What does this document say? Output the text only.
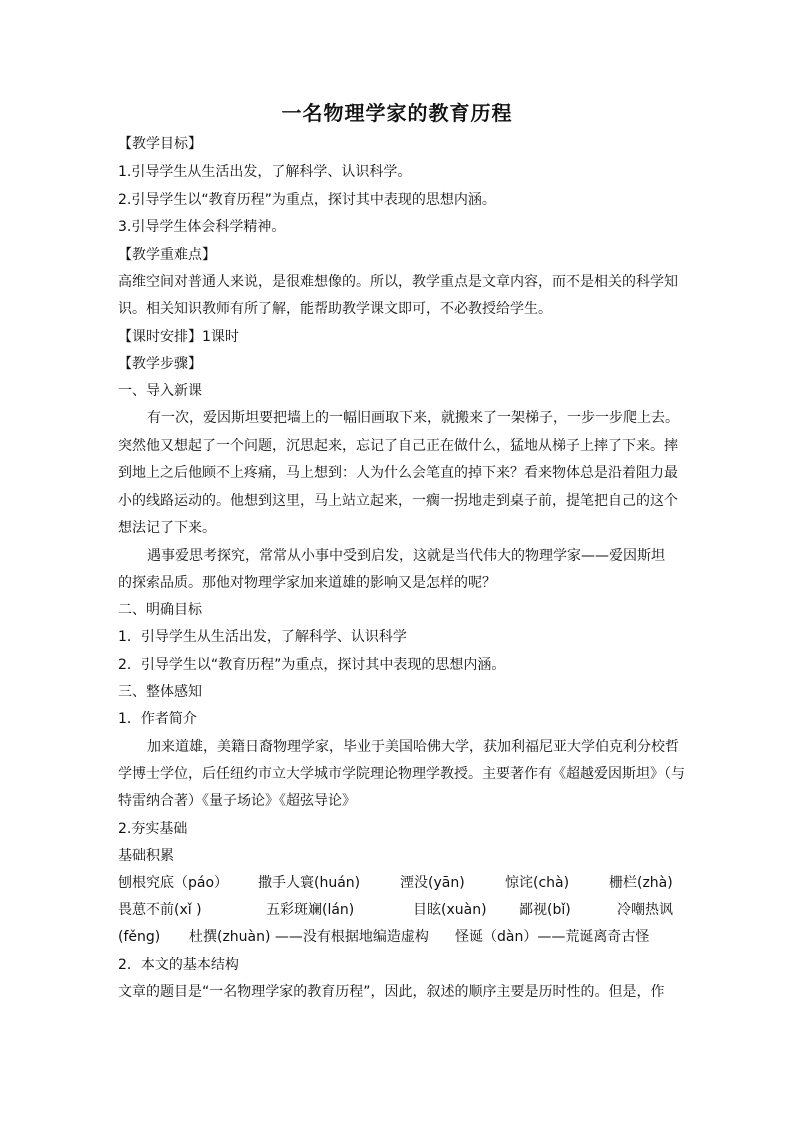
一名物理学家的教育历程
【教学目标】
1.引导学生从生活出发，了解科学、认识科学。
2.引导学生以“教育历程”为重点，探讨其中表现的思想内涵。
3.引导学生体会科学精神。
【教学重难点】
高维空间对普通人来说，是很难想像的。所以，教学重点是文章内容，而不是相关的科学知
识。相关知识教师有所了解，能帮助教学课文即可，不必教授给学生。
【课时安排】1课时
【教学步骤】
一、导入新课
有一次，爱因斯坦要把墙上的一幅旧画取下来，就搬来了一架梯子，一步一步爬上去。
突然他又想起了一个问题，沉思起来，忘记了自己正在做什么，猛地从梯子上摔了下来。摔
到地上之后他顾不上疼痛，马上想到：人为什么会笔直的掉下来？看来物体总是沿着阻力最
小的线路运动的。他想到这里，马上站立起来，一瘸一拐地走到桌子前，提笔把自己的这个
想法记了下来。
遇事爱思考探究，常常从小事中受到启发，这就是当代伟大的物理学家——爱因斯坦
的探索品质。那他对物理学家加来道雄的影响又是怎样的呢？
二、明确目标
1．引导学生从生活出发，了解科学、认识科学
2．引导学生以“教育历程”为重点，探讨其中表现的思想内涵。
三、整体感知
1．作者简介
加来道雄，美籍日裔物理学家，毕业于美国哈佛大学，获加利福尼亚大学伯克利分校哲
学博士学位，后任纽约市立大学城市学院理论物理学教授。主要著作有《超越爱因斯坦》（与
特雷纳合著）《量子场论》《超弦导论》
2.夯实基础
基础积累
刨根究底（páo） 撒手人寰(huán)	湮没(yān)	惊诧(chà)	栅栏(zhà)
畏葸不前(xǐ )	五彩斑斓(lán)	目眩(xuàn) 鄙视(bǐ)	冷嘲热讽
(fěng) 杜撰(zhuàn) ——没有根据地编造虚构 怪诞（dàn）——荒诞离奇古怪
2．本文的基本结构
文章的题目是“一名物理学家的教育历程”，因此，叙述的顺序主要是历时性的。但是，作
